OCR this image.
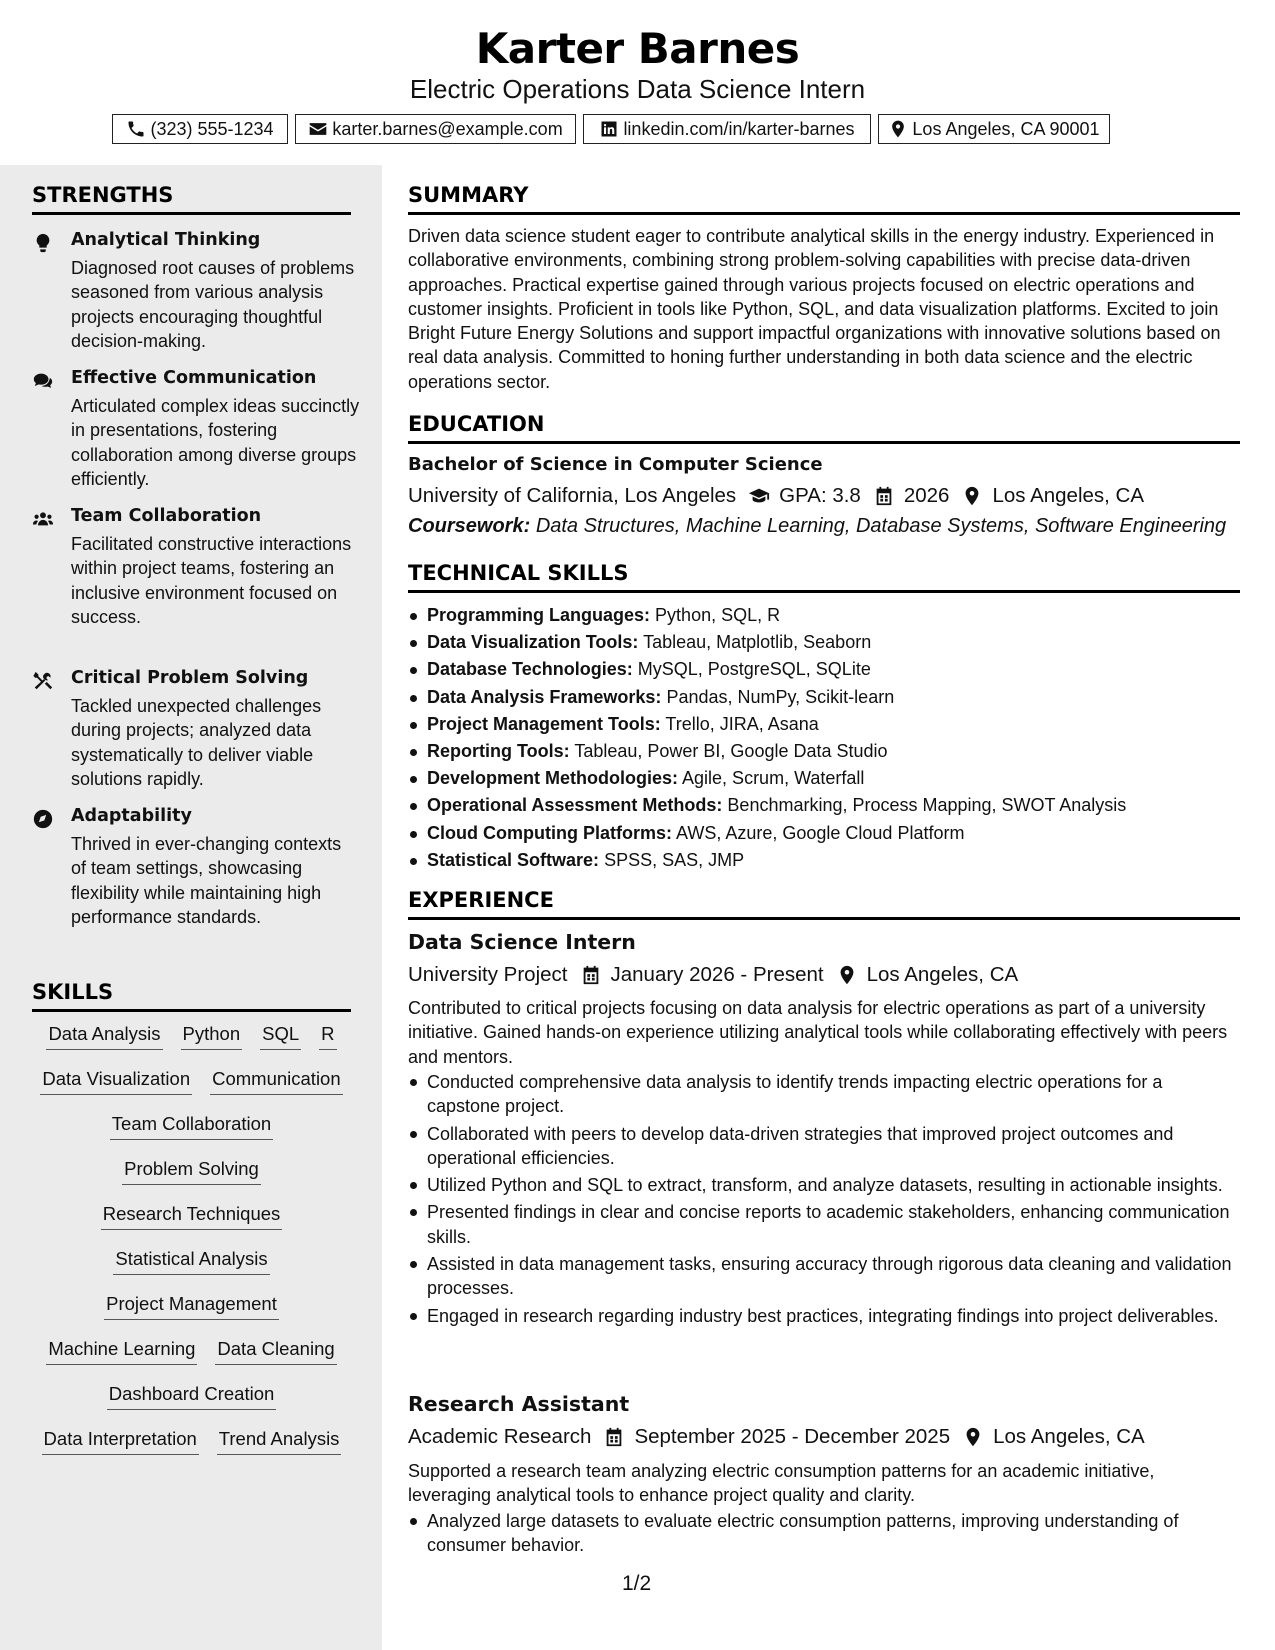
Karter Barnes
Electric Operations Data Science Intern
(323) 555-1234	karter.barnes@example.com	linkedin.com/in/karter-barnes	Los Angeles, CA 90001
STRENGTHS
Analytical Thinking
Diagnosed root causes of problems seasoned from various analysis projects encouraging thoughtful decision-making.
Effective Communication
Articulated complex ideas succinctly in presentations, fostering collaboration among diverse groups efficiently.
Team Collaboration
Facilitated constructive interactions within project teams, fostering an inclusive environment focused on success.
Critical Problem Solving
Tackled unexpected challenges during projects; analyzed data systematically to deliver viable solutions rapidly.
Adaptability
Thrived in ever-changing contexts of team settings, showcasing flexibility while maintaining high performance standards.
SKILLS
Data Analysis Python SQL R
Data Visualization Communication
Team Collaboration
Problem Solving
Research Techniques
Statistical Analysis
Project Management
Machine Learning Data Cleaning
Dashboard Creation
Data Interpretation Trend Analysis
SUMMARY
Driven data science student eager to contribute analytical skills in the energy industry. Experienced in collaborative environments, combining strong problem-solving capabilities with precise data-driven approaches. Practical expertise gained through various projects focused on electric operations and customer insights. Proficient in tools like Python, SQL, and data visualization platforms. Excited to join Bright Future Energy Solutions and support impactful organizations with innovative solutions based on real data analysis. Committed to honing further understanding in both data science and the electric operations sector.
EDUCATION
Bachelor of Science in Computer Science
University of California, Los Angeles GPA: 3.8 2026 Los Angeles, CA
Coursework: Data Structures, Machine Learning, Database Systems, Software Engineering
TECHNICAL SKILLS
Programming Languages: Python, SQL, R
Data Visualization Tools: Tableau, Matplotlib, Seaborn
Database Technologies: MySQL, PostgreSQL, SQLite
Data Analysis Frameworks: Pandas, NumPy, Scikit-learn
Project Management Tools: Trello, JIRA, Asana
Reporting Tools: Tableau, Power BI, Google Data Studio
Development Methodologies: Agile, Scrum, Waterfall
Operational Assessment Methods: Benchmarking, Process Mapping, SWOT Analysis
Cloud Computing Platforms: AWS, Azure, Google Cloud Platform
Statistical Software: SPSS, SAS, JMP
EXPERIENCE
Data Science Intern
University Project January 2026 - Present Los Angeles, CA
Contributed to critical projects focusing on data analysis for electric operations as part of a university initiative. Gained hands-on experience utilizing analytical tools while collaborating effectively with peers and mentors.
Conducted comprehensive data analysis to identify trends impacting electric operations for a capstone project.
Collaborated with peers to develop data-driven strategies that improved project outcomes and operational efficiencies.
Utilized Python and SQL to extract, transform, and analyze datasets, resulting in actionable insights.
Presented findings in clear and concise reports to academic stakeholders, enhancing communication skills.
Assisted in data management tasks, ensuring accuracy through rigorous data cleaning and validation processes.
Engaged in research regarding industry best practices, integrating findings into project deliverables.
Research Assistant
Academic Research September 2025 - December 2025 Los Angeles, CA
Supported a research team analyzing electric consumption patterns for an academic initiative, leveraging analytical tools to enhance project quality and clarity.
Analyzed large datasets to evaluate electric consumption patterns, improving understanding of consumer behavior.
1/2
